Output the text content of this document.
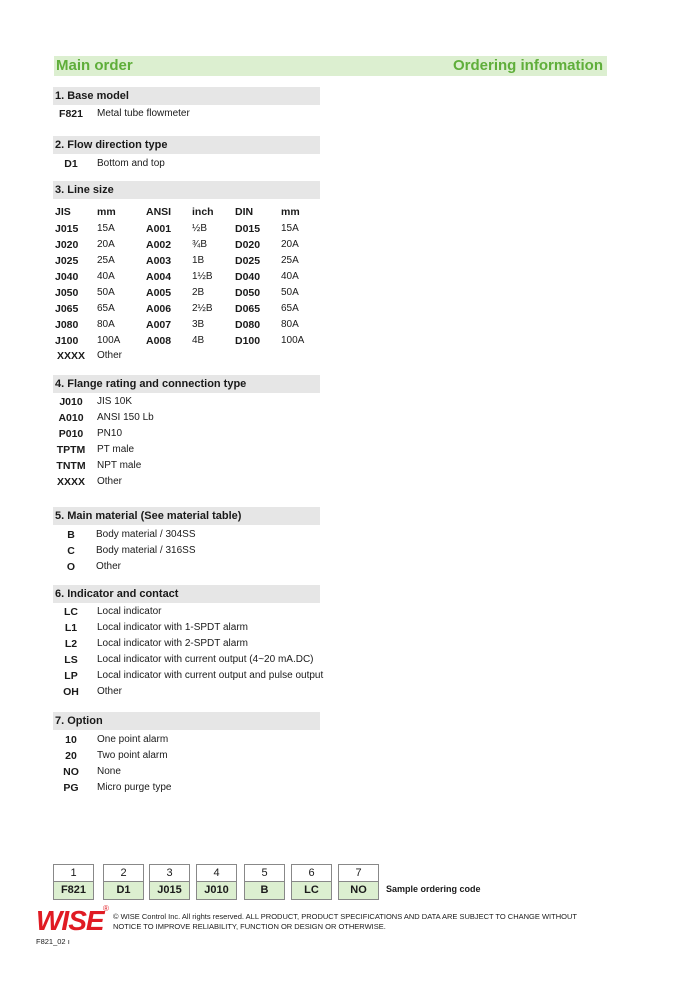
Main order	Ordering information
1. Base model
F821	Metal tube flowmeter
2. Flow direction type
D1	Bottom and top
3. Line size
JIS mm	ANSI inch DIN	mm
J015 15A	A001 ½B	D015 15A
J020 20A	A002 ¾B	D020 20A
J025 25A	A003 1B	D025 25A
J040 40A	A004 1½B D040 40A
J050 50A	A005 2B	D050 50A
J065 65A	A006 2½B D065 65A
J080 80A	A007 3B	D080 80A
J100 100A A008 4B	D100 100A
XXXX Other
4. Flange rating and connection type
J010	JIS 10K
A010	ANSI 150 Lb
P010	PN10
TPTM	PT male
TNTM	NPT male
XXXX	Other
5. Main material (See material table)
B	Body material / 304SS
C	Body material / 316SS
O	Other
6. Indicator and contact
LC	Local indicator
L1	Local indicator with 1-SPDT alarm
L2	Local indicator with 2-SPDT alarm
LS	Local indicator with current output (4~20 mA.DC)
LP	Local indicator with current output and pulse output
OH	Other
7. Option
10	One point alarm
20	Two point alarm
NO	None
PG	Micro purge type
1
F821
2
D1
3
J015
4
J010
5
B
6
LC
7
NO	Sample ordering code
WISE ®
© WISE Control Inc. All rights reserved. ALL PRODUCT, PRODUCT SPECIFICATIONS AND DATA ARE SUBJECT TO CHANGE WITHOUT
NOTICE TO IMPROVE RELIABILITY, FUNCTION OR DESIGN OR OTHERWISE.
F821_02 ı
